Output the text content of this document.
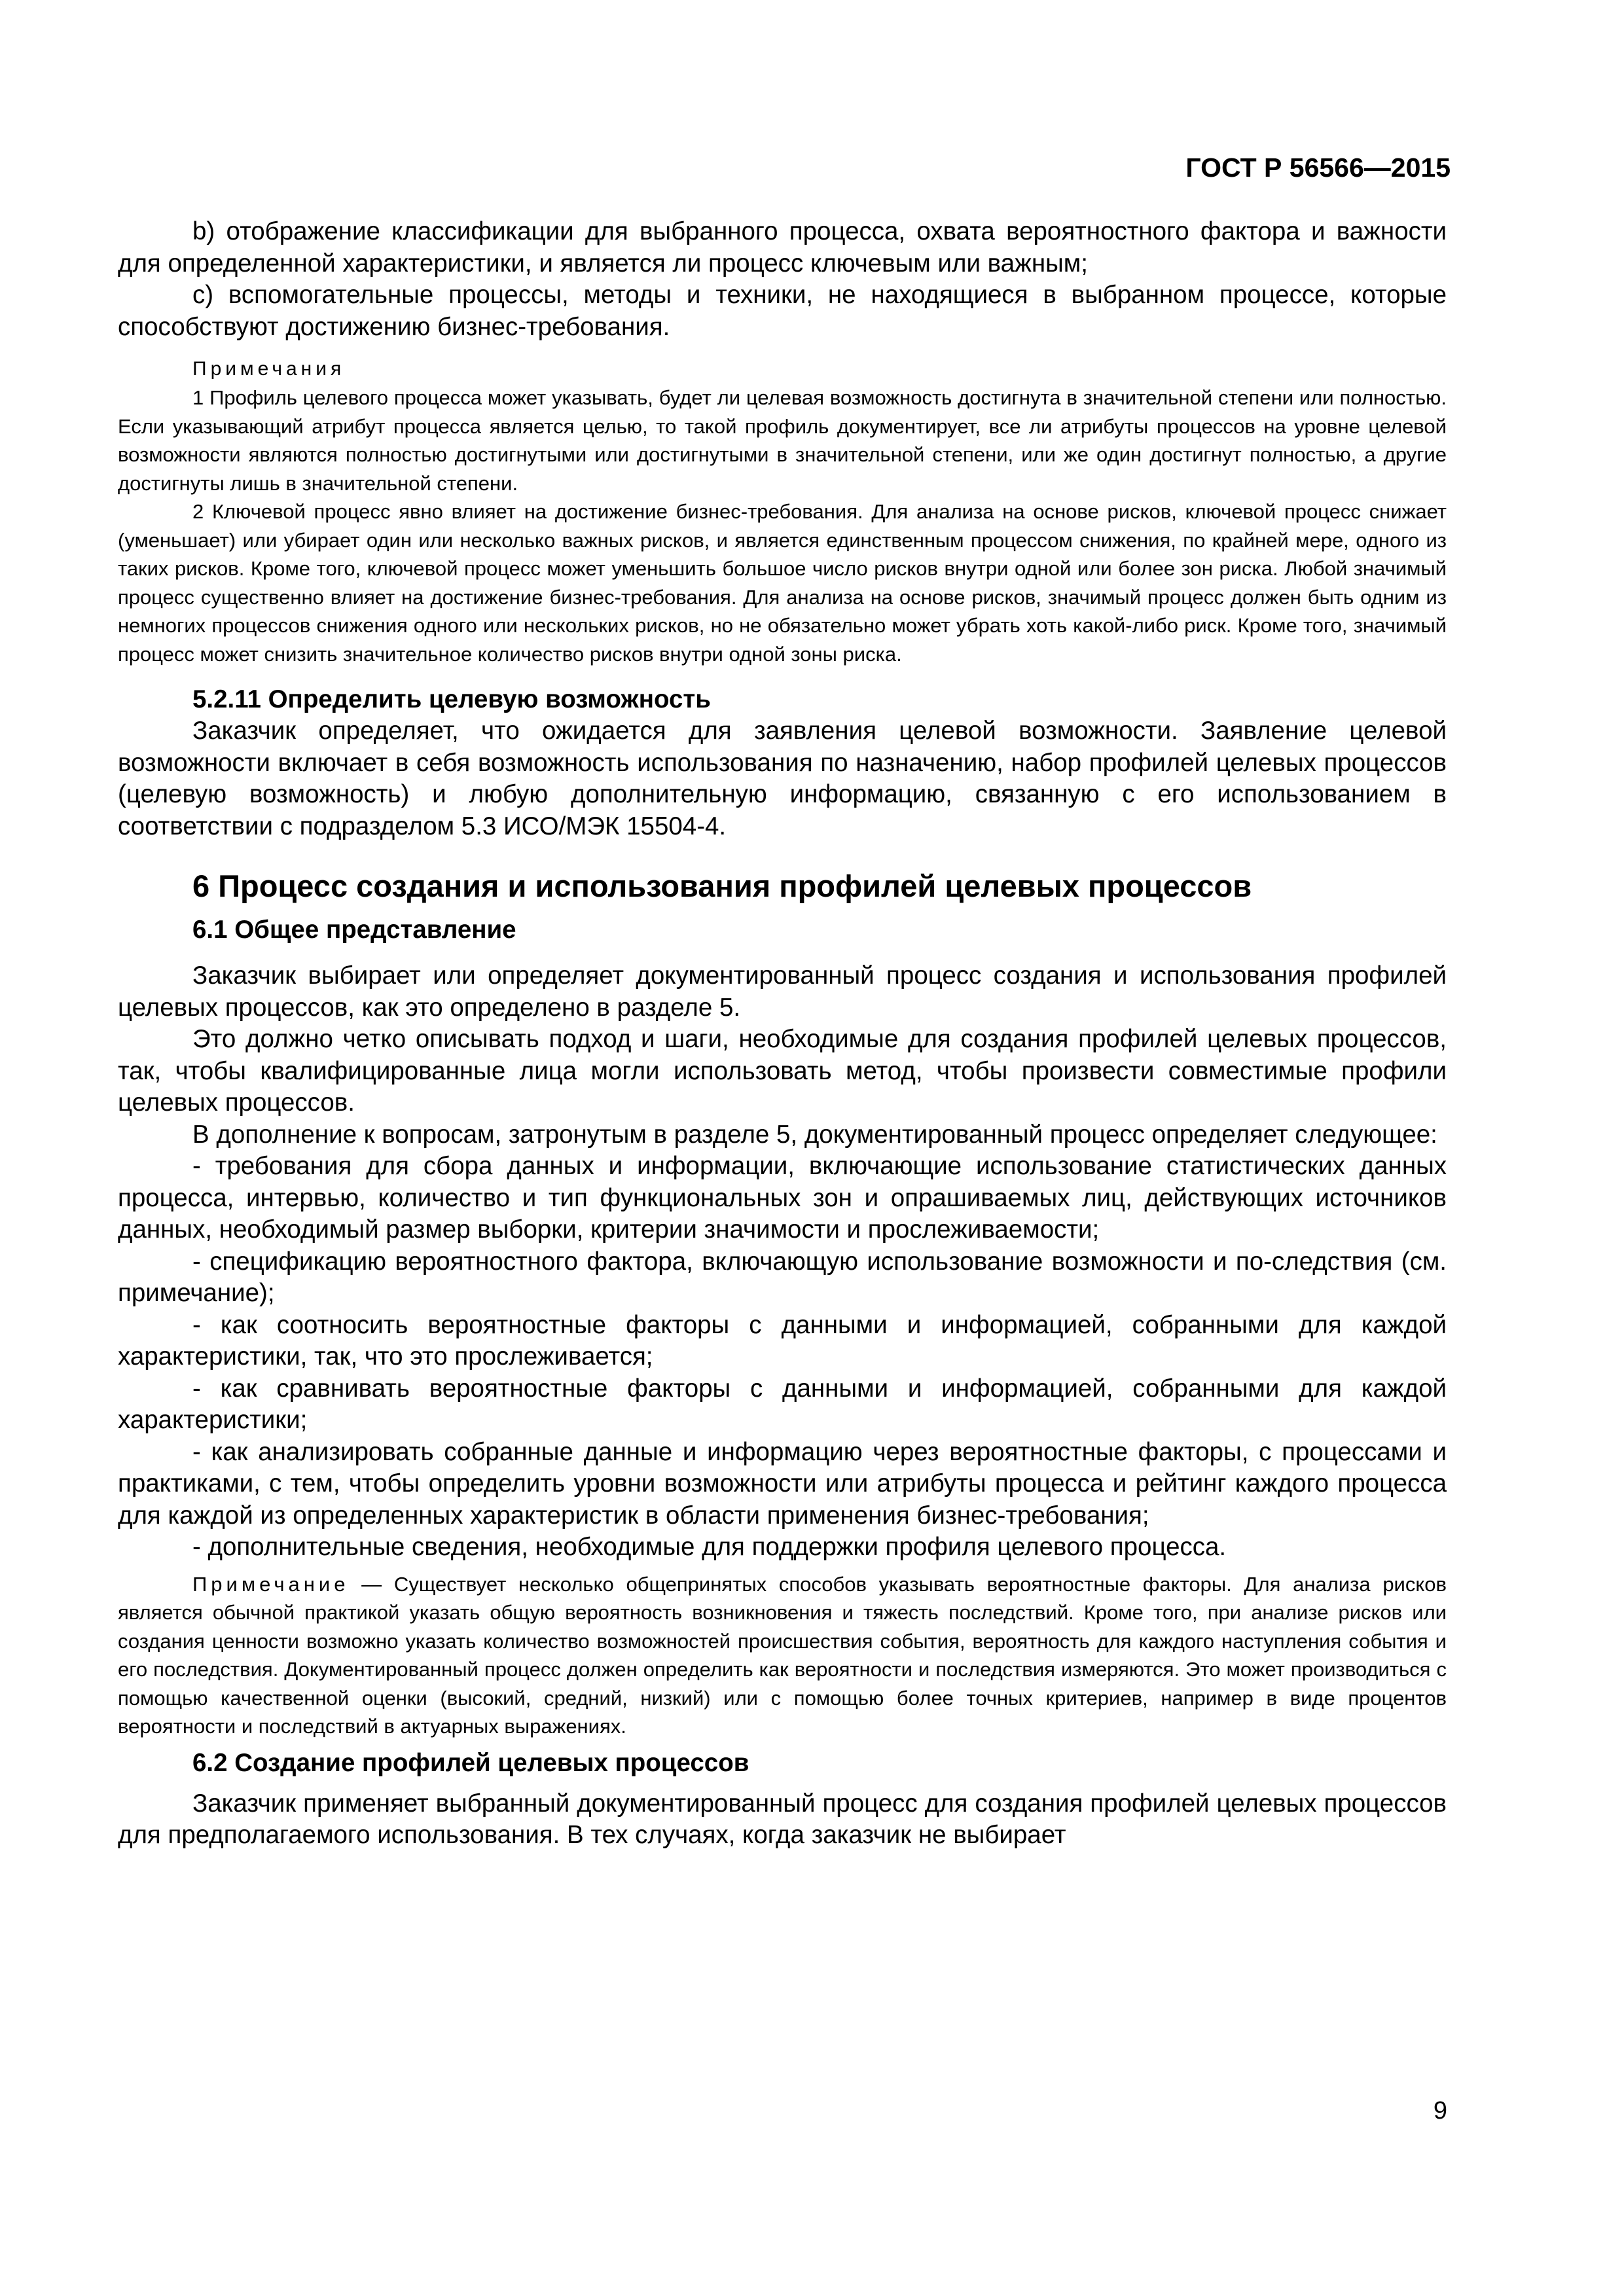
ГОСТ Р 56566—2015

b) отображение классификации для выбранного процесса, охвата вероятностного фактора и важности для определенной характеристики, и является ли процесс ключевым или важным;

c) вспомогательные процессы, методы и техники, не находящиеся в выбранном процессе, которые способствуют достижению бизнес-требования.

Примечания

1 Профиль целевого процесса может указывать, будет ли целевая возможность достигнута в значительной степени или полностью. Если указывающий атрибут процесса является целью, то такой профиль документирует, все ли атрибуты процессов на уровне целевой возможности являются полностью достигнутыми или достигнутыми в значительной степени, или же один достигнут полностью, а другие достигнуты лишь в значительной степени.

2 Ключевой процесс явно влияет на достижение бизнес-требования. Для анализа на основе рисков, ключевой процесс снижает (уменьшает) или убирает один или несколько важных рисков, и является единственным процессом снижения, по крайней мере, одного из таких рисков. Кроме того, ключевой процесс может уменьшить большое число рисков внутри одной или более зон риска. Любой значимый процесс существенно влияет на достижение бизнес-требования. Для анализа на основе рисков, значимый процесс должен быть одним из немногих процессов снижения одного или нескольких рисков, но не обязательно может убрать хоть какой-либо риск. Кроме того, значимый процесс может снизить значительное количество рисков внутри одной зоны риска.

5.2.11 Определить целевую возможность

Заказчик определяет, что ожидается для заявления целевой возможности. Заявление целевой возможности включает в себя возможность использования по назначению, набор профилей целевых процессов (целевую возможность) и любую дополнительную информацию, связанную с его использованием в соответствии с подразделом 5.3 ИСО/МЭК 15504-4.

6 Процесс создания и использования профилей целевых процессов

6.1 Общее представление

Заказчик выбирает или определяет документированный процесс создания и использования профилей целевых процессов, как это определено в разделе 5.

Это должно четко описывать подход и шаги, необходимые для создания профилей целевых процессов, так, чтобы квалифицированные лица могли использовать метод, чтобы произвести совместимые профили целевых процессов.

В дополнение к вопросам, затронутым в разделе 5, документированный процесс определяет следующее:

- требования для сбора данных и информации, включающие использование статистических данных процесса, интервью, количество и тип функциональных зон и опрашиваемых лиц, действующих источников данных, необходимый размер выборки, критерии значимости и прослеживаемости;

- спецификацию вероятностного фактора, включающую использование возможности и по-следствия (см. примечание);

- как соотносить вероятностные факторы с данными и информацией, собранными для каждой характеристики, так, что это прослеживается;

- как сравнивать вероятностные факторы с данными и информацией, собранными для каждой характеристики;

- как анализировать собранные данные и информацию через вероятностные факторы, с процессами и практиками, с тем, чтобы определить уровни возможности или атрибуты процесса и рейтинг каждого процесса для каждой из определенных характеристик в области применения бизнес-требования;

- дополнительные сведения, необходимые для поддержки профиля целевого процесса.

Примечание — Существует несколько общепринятых способов указывать вероятностные факторы. Для анализа рисков является обычной практикой указать общую вероятность возникновения и тяжесть последствий. Кроме того, при анализе рисков или создания ценности возможно указать количество возможностей происшествия события, вероятность для каждого наступления события и его последствия. Документированный процесс должен определить как вероятности и последствия измеряются. Это может производиться с помощью качественной оценки (высокий, средний, низкий) или с помощью более точных критериев, например в виде процентов вероятности и последствий в актуарных выражениях.

6.2 Создание профилей целевых процессов

Заказчик применяет выбранный документированный процесс для создания профилей целевых процессов для предполагаемого использования. В тех случаях, когда заказчик не выбирает

9
